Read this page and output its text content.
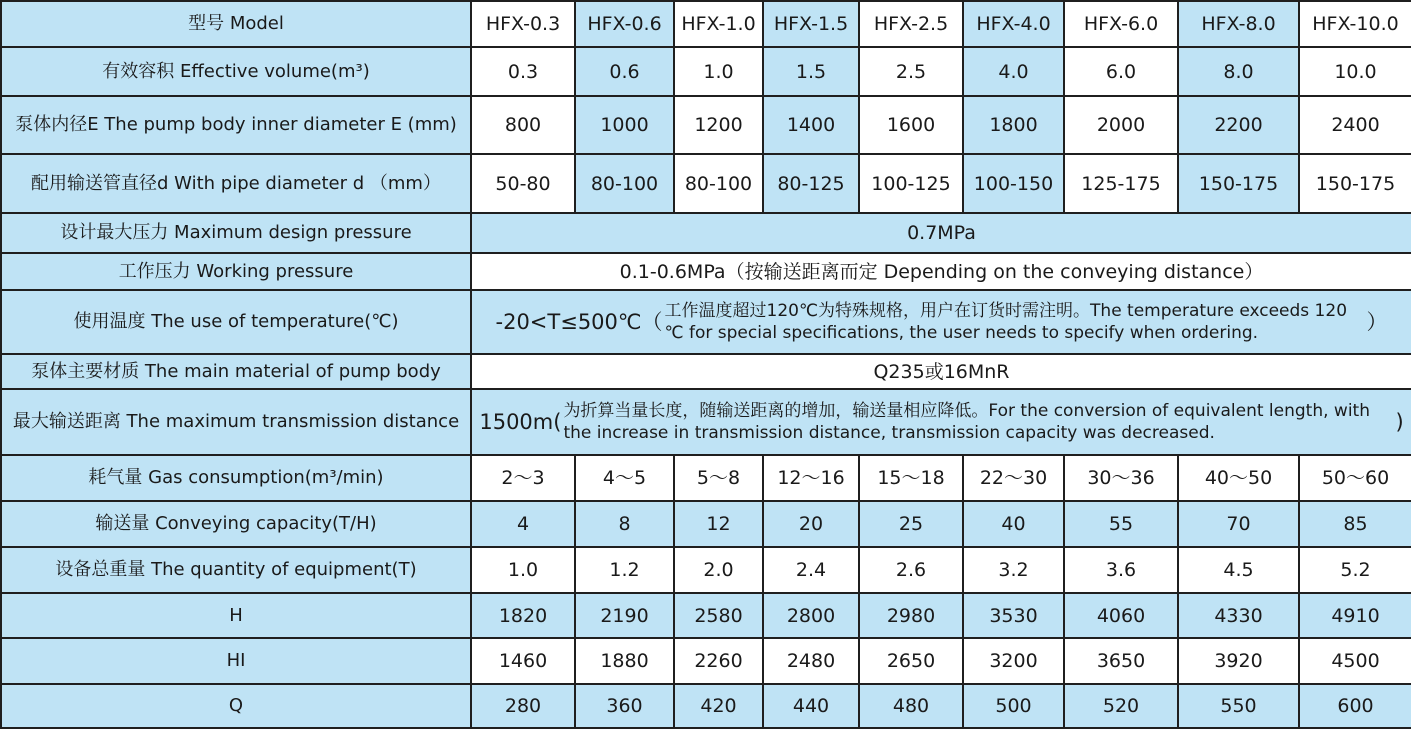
型号 Model	HFX-0.3	HFX-0.6	HFX-1.0	HFX-1.5	HFX-2.5	HFX-4.0	HFX-6.0	HFX-8.0	HFX-10.0
有效容积 Effective volume(m³)	0.3	0.6	1.0	1.5	2.5	4.0	6.0	8.0	10.0
泵体内径E The pump body inner diameter E (mm)	800	1000	1200	1400	1600	1800	2000	2200	2400
配用输送管直径d With pipe diameter d （mm）	50-80	80-100	80-100	80-125	100-125	100-150	125-175	150-175	150-175
设计最大压力 Maximum design pressure	0.7MPa								
工作压力 Working pressure	0.1-0.6MPa（按输送距离而定 Depending on the conveying distance）								
使用温度 The use of temperature(℃)	-20<T≤500℃（ 工作温度超过120℃为特殊规格，用户在订货时需注明。The temperature exceeds 120 ℃ for special specifications, the user needs to specify when ordering. ）								

泵体主要材质 The main material of pump body	Q235或16MnR								
最大输送距离 The maximum transmission distance	1500m( 为折算当量长度，随输送距离的增加，输送量相应降低。For the conversion of equivalent length, with the increase in transmission distance, transmission capacity was decreased. )								

耗气量 Gas consumption(m³/min)	2～3	4～5	5～8	12～16	15～18	22～30	30～36	40～50	50～60
输送量 Conveying capacity(T/H)	4	8	12	20	25	40	55	70	85
设备总重量 The quantity of equipment(T)	1.0	1.2	2.0	2.4	2.6	3.2	3.6	4.5	5.2
H	1820	2190	2580	2800	2980	3530	4060	4330	4910
HI	1460	1880	2260	2480	2650	3200	3650	3920	4500
Q	280	360	420	440	480	500	520	550	600
